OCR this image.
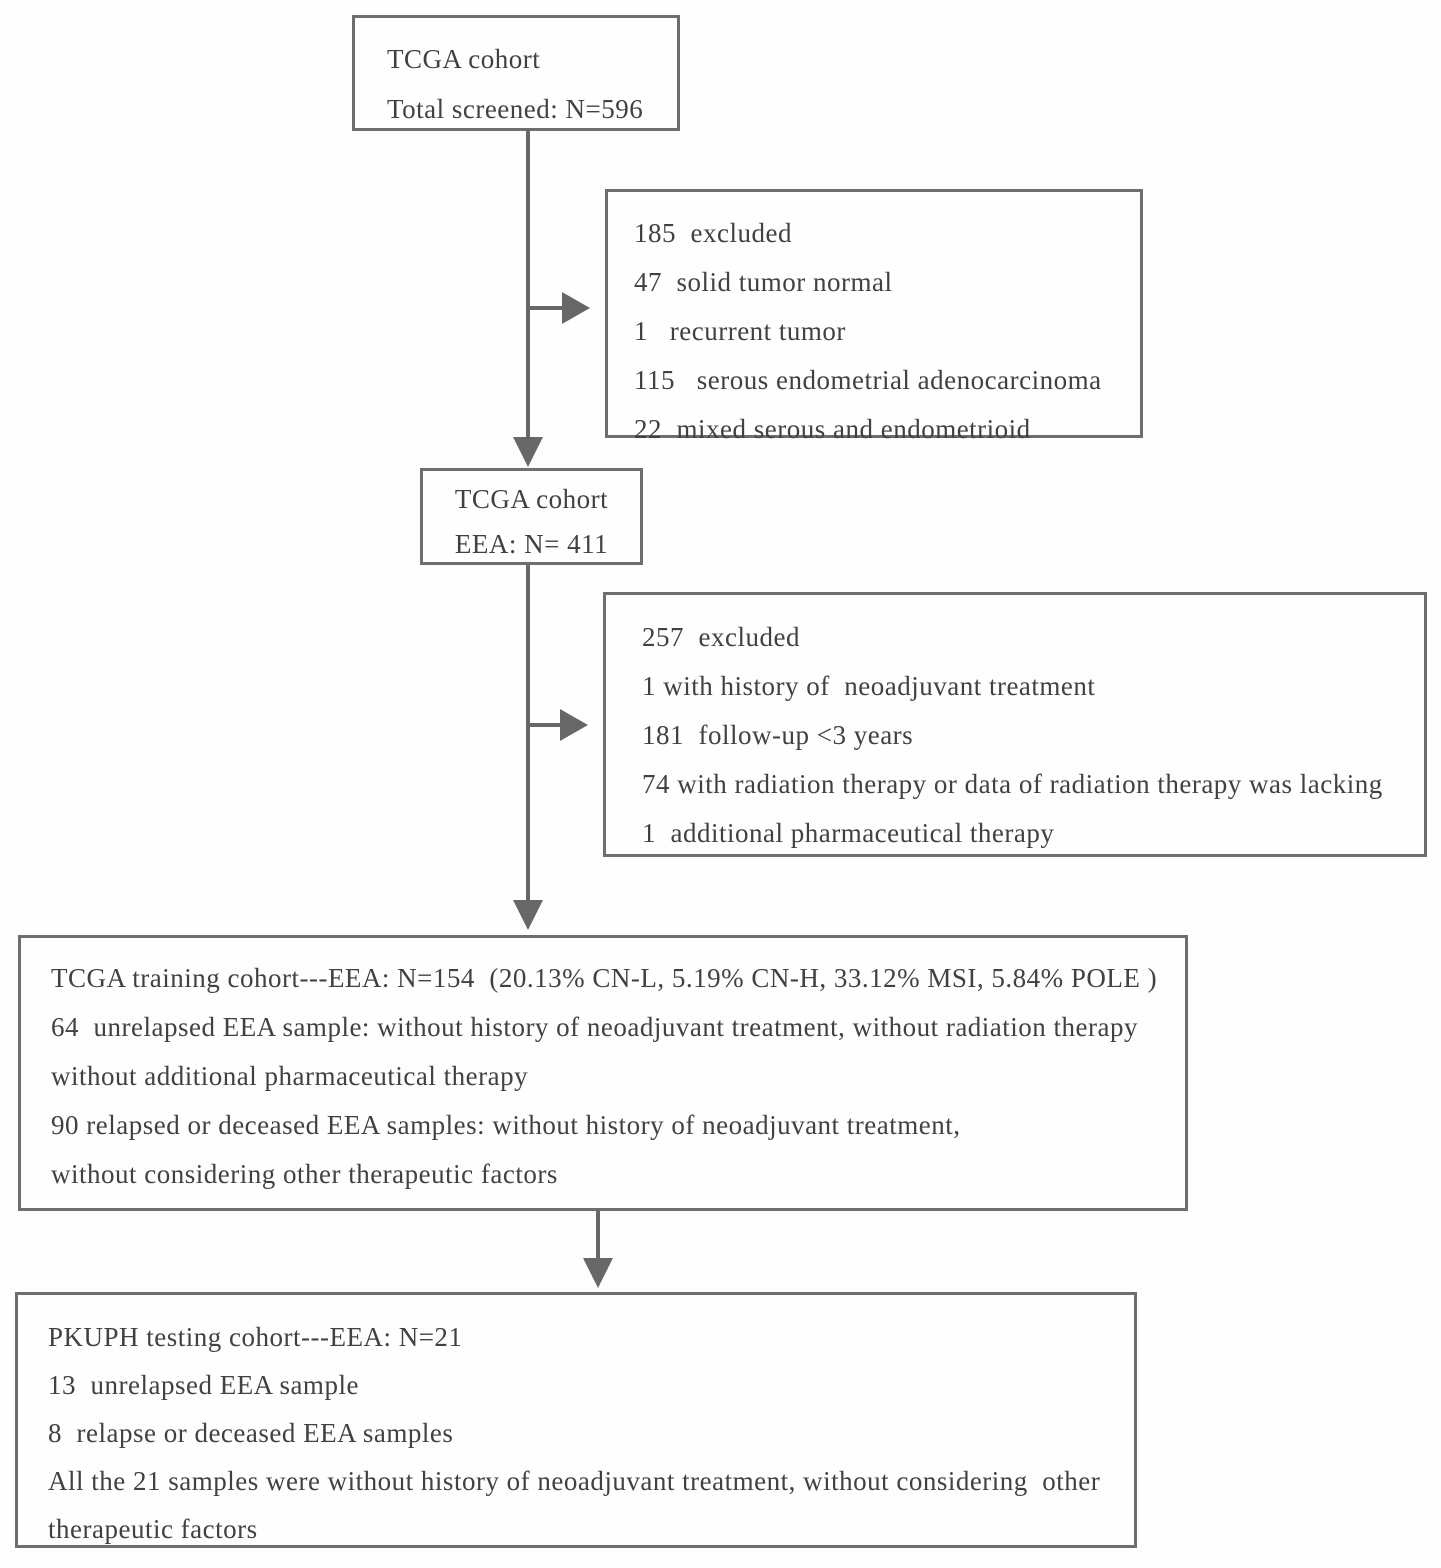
TCGA cohort
Total screened: N=596
185  excluded
47  solid tumor normal
1   recurrent tumor
115   serous endometrial adenocarcinoma
22  mixed serous and endometrioid
TCGA cohort
EEA: N= 411
257  excluded
1 with history of  neoadjuvant treatment
181  follow-up <3 years
74 with radiation therapy or data of radiation therapy was lacking
1  additional pharmaceutical therapy
TCGA training cohort---EEA: N=154  (20.13% CN-L, 5.19% CN-H, 33.12% MSI, 5.84% POLE )
64  unrelapsed EEA sample: without history of neoadjuvant treatment, without radiation therapy
without additional pharmaceutical therapy
90 relapsed or deceased EEA samples: without history of neoadjuvant treatment,
without considering other therapeutic factors
PKUPH testing cohort---EEA: N=21
13  unrelapsed EEA sample
8  relapse or deceased EEA samples
All the 21 samples were without history of neoadjuvant treatment, without considering  other
therapeutic factors
